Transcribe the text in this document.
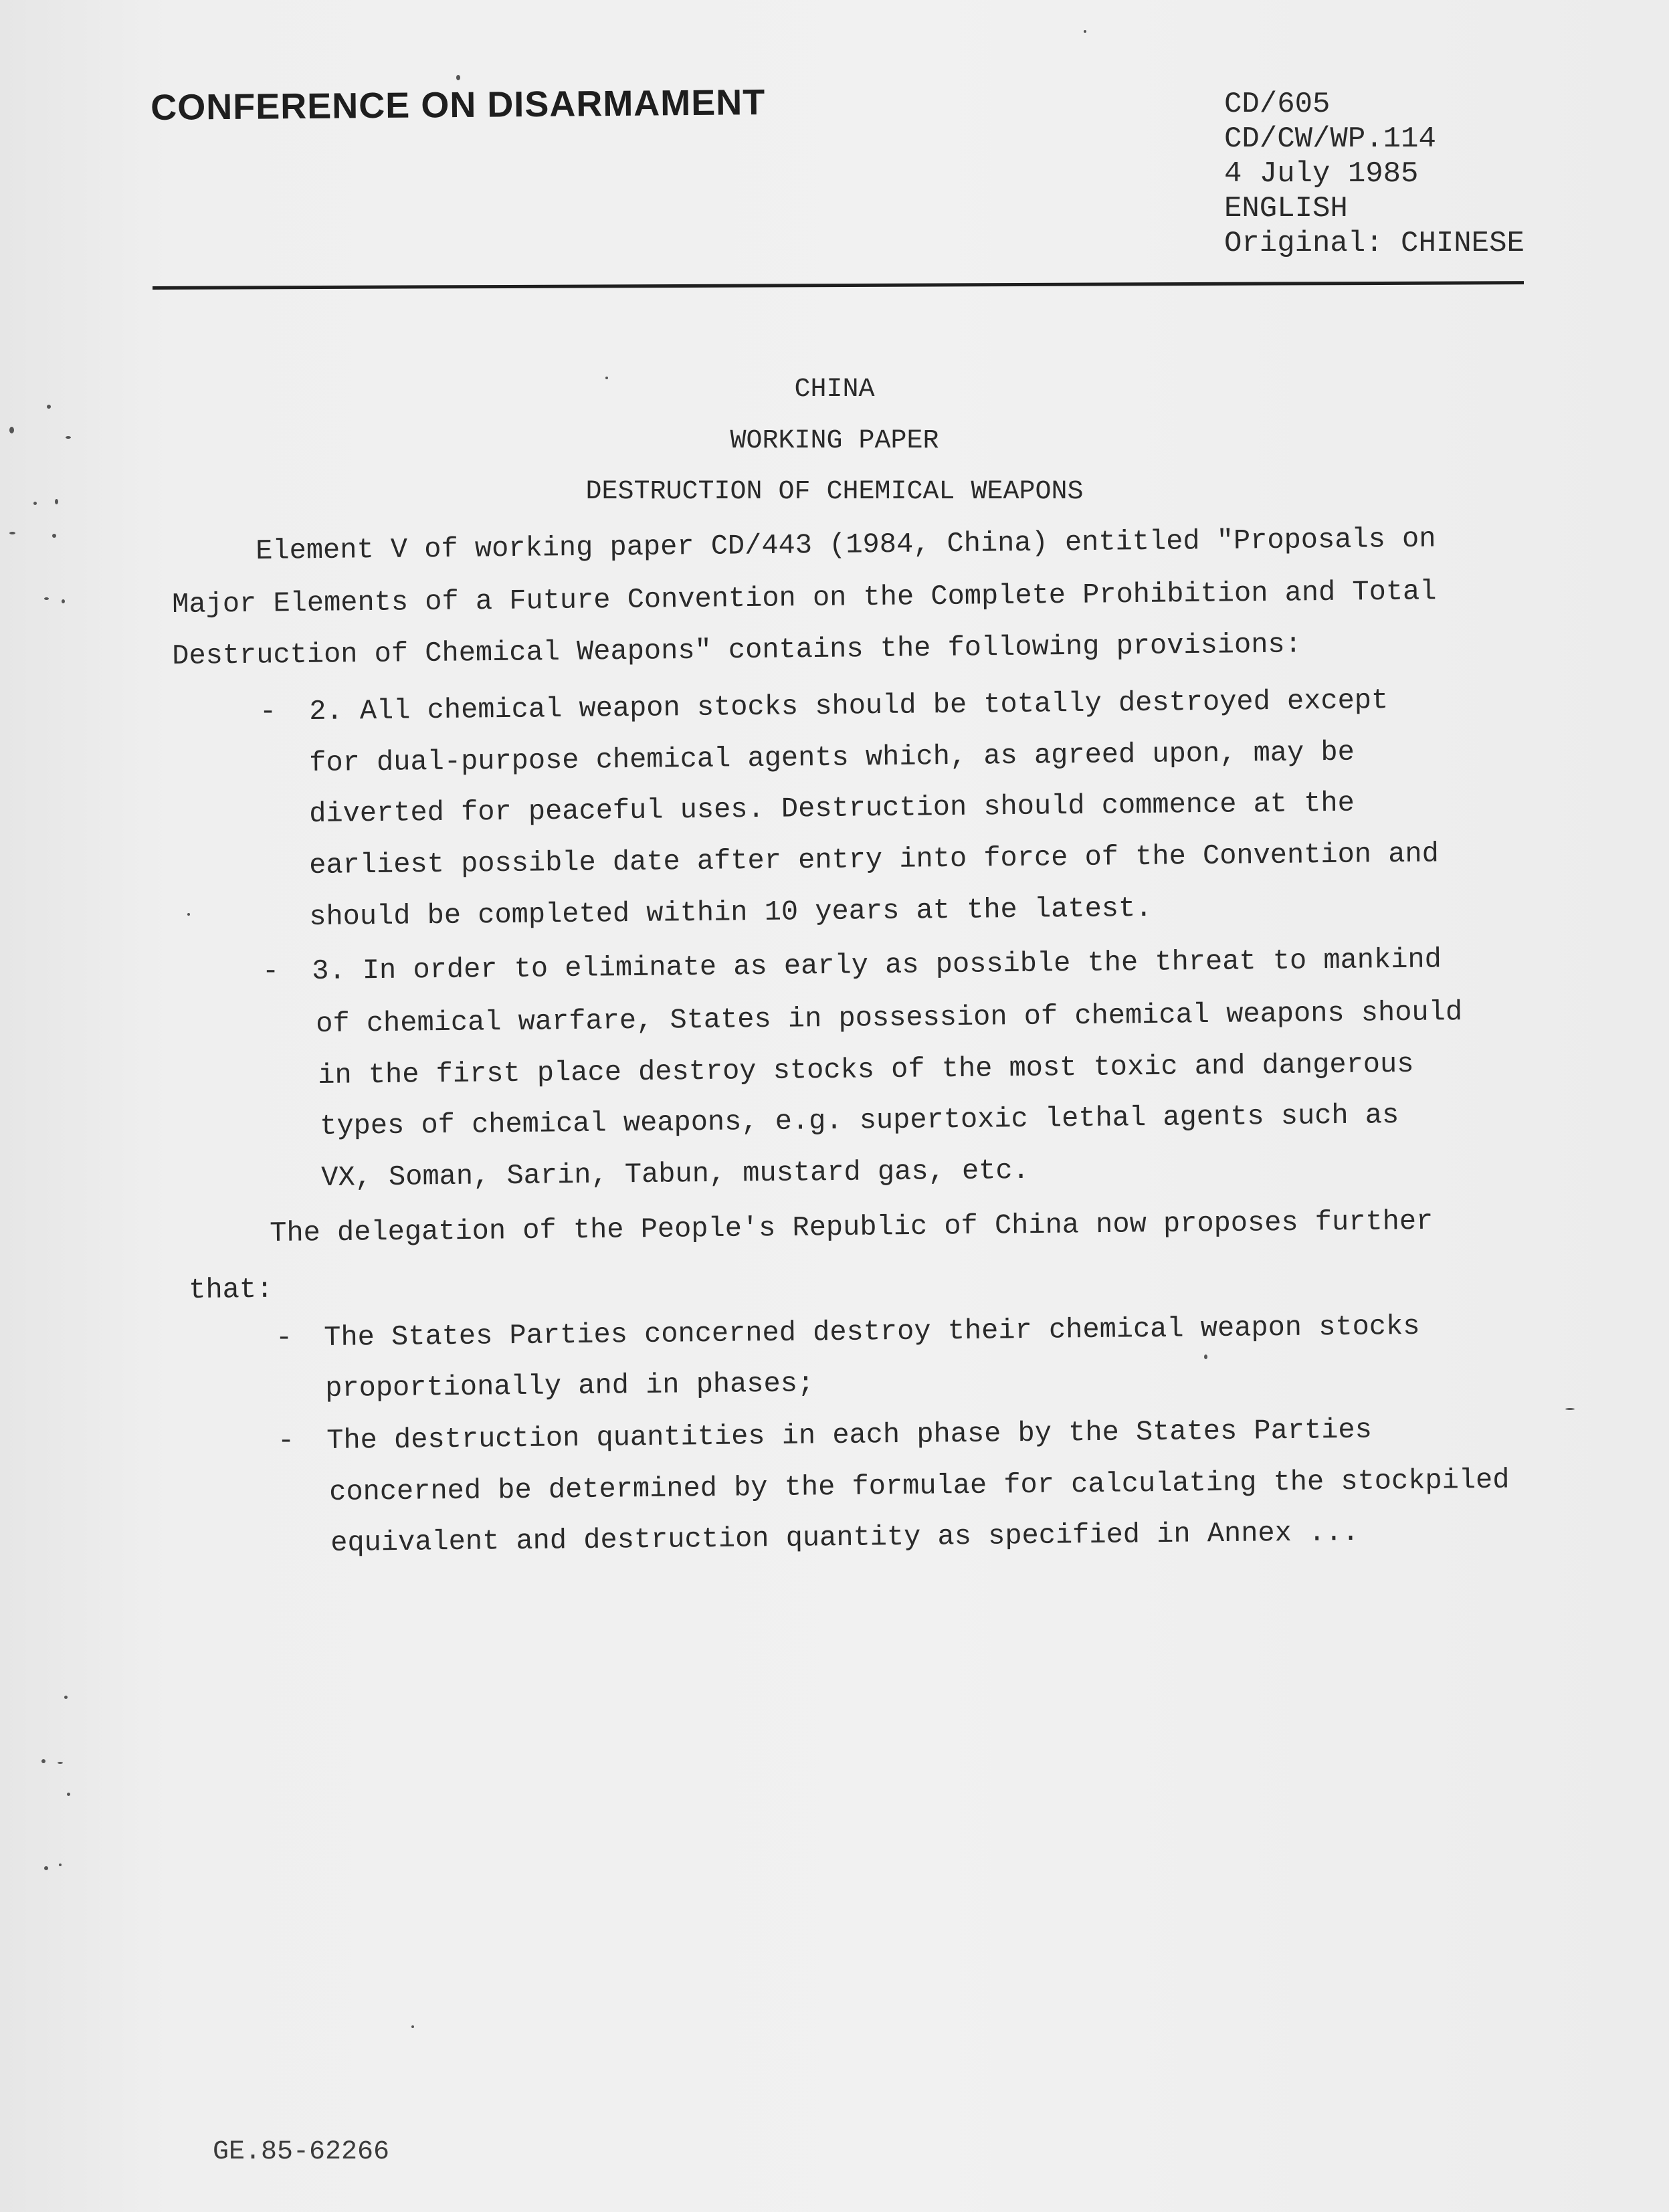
CONFERENCE ON DISARMAMENT	CD/605
CD/CW/WP.114
4 July 1985
ENGLISH
Original: CHINESE
CHINA
WORKING PAPER
DESTRUCTION OF CHEMICAL WEAPONS
Element V of working paper CD/443 (1984, China) entitled "Proposals on
Major Elements of a Future Convention on the Complete Prohibition and Total
Destruction of Chemical Weapons" contains the following provisions:
- 2. All chemical weapon stocks should be totally destroyed except
for dual-purpose chemical agents which, as agreed upon, may be
diverted for peaceful uses. Destruction should commence at the
earliest possible date after entry into force of the Convention and
should be completed within 10 years at the latest.
- 3. In order to eliminate as early as possible the threat to mankind
of chemical warfare, States in possession of chemical weapons should
in the first place destroy stocks of the most toxic and dangerous
types of chemical weapons, e.g. supertoxic lethal agents such as
VX, Soman, Sarin, Tabun, mustard gas, etc.
The delegation of the People's Republic of China now proposes further
that:
- The States Parties concerned destroy their chemical weapon stocks
proportionally and in phases;
- The destruction quantities in each phase by the States Parties
concerned be determined by the formulae for calculating the stockpiled
equivalent and destruction quantity as specified in Annex ...
GE.85-62266
